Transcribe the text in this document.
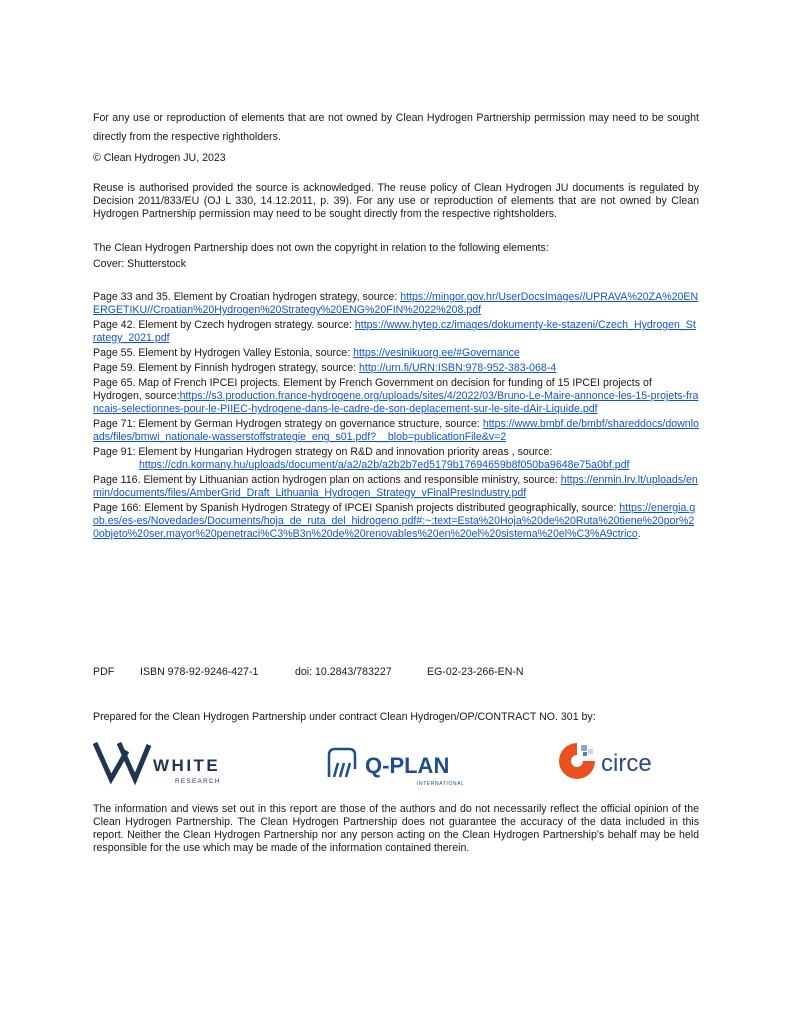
For any use or reproduction of elements that are not owned by Clean Hydrogen Partnership permission may need to be sought directly from the respective rightholders.

© Clean Hydrogen JU, 2023

Reuse is authorised provided the source is acknowledged. The reuse policy of Clean Hydrogen JU documents is regulated by Decision 2011/833/EU (OJ L 330, 14.12.2011, p. 39). For any use or reproduction of elements that are not owned by Clean Hydrogen Partnership permission may need to be sought directly from the respective rightsholders.

The Clean Hydrogen Partnership does not own the copyright in relation to the following elements:

Cover: Shutterstock

Page 33 and 35. Element by Croatian hydrogen strategy, source: https://mingor.gov.hr/UserDocsImages//UPRAVA%20ZA%20ENERGETIKU//Croatian%20Hydrogen%20Strategy%20ENG%20FIN%2022%208.pdf

Page 42. Element by Czech hydrogen strategy. source: https://www.hytep.cz/images/dokumenty-ke-stazeni/Czech_Hydrogen_Strategy_2021.pdf

Page 55. Element by Hydrogen Valley Estonia, source: https://vesinikuorg.ee/#Governance

Page 59. Element by Finnish hydrogen strategy, source: http://urn.fi/URN:ISBN:978-952-383-068-4

Page 65. Map of French IPCEI projects. Element by French Government on decision for funding of 15 IPCEI projects of Hydrogen, source:https://s3.production.france-hydrogene.org/uploads/sites/4/2022/03/Bruno-Le-Maire-annonce-les-15-projets-francais-selectionnes-pour-le-PIIEC-hydrogene-dans-le-cadre-de-son-deplacement-sur-le-site-dAir-Liquide.pdf

Page 71: Element by German Hydrogen strategy on governance structure, source: https://www.bmbf.de/bmbf/shareddocs/downloads/files/bmwi_nationale-wasserstoffstrategie_eng_s01.pdf?__blob=publicationFile&v=2

Page 91: Element by Hungarian Hydrogen strategy on R&D and innovation priority areas , source:
https://cdn.kormany.hu/uploads/document/a/a2/a2b/a2b2b7ed5179b17694659b8f050ba9648e75a0bf.pdf

Page 116. Element by Lithuanian action hydrogen plan on actions and responsible ministry, source: https://enmin.lrv.lt/uploads/enmin/documents/files/AmberGrid_Draft_Lithuania_Hydrogen_Strategy_vFinalPresIndustry.pdf

Page 166: Element by Spanish Hydrogen Strategy of IPCEI Spanish projects distributed geographically, source: https://energia.gob.es/es-es/Novedades/Documents/hoja_de_ruta_del_hidrogeno.pdf#:~:text=Esta%20Hoja%20de%20Ruta%20tiene%20por%20objeto%20ser,mayor%20penetraci%C3%B3n%20de%20renovables%20en%20el%20sistema%20el%C3%A9ctrico.

PDF	ISBN 978-92-9246-427-1	doi: 10.2843/783227	EG-02-23-266-EN-N

Prepared for the Clean Hydrogen Partnership under contract Clean Hydrogen/OP/CONTRACT NO. 301 by:

WHITE
RESEARCH
Q-PLAN
INTERNATIONAL
circe

The information and views set out in this report are those of the authors and do not necessarily reflect the official opinion of the Clean Hydrogen Partnership. The Clean Hydrogen Partnership does not guarantee the accuracy of the data included in this report. Neither the Clean Hydrogen Partnership nor any person acting on the Clean Hydrogen Partnership's behalf may be held responsible for the use which may be made of the information contained therein.
